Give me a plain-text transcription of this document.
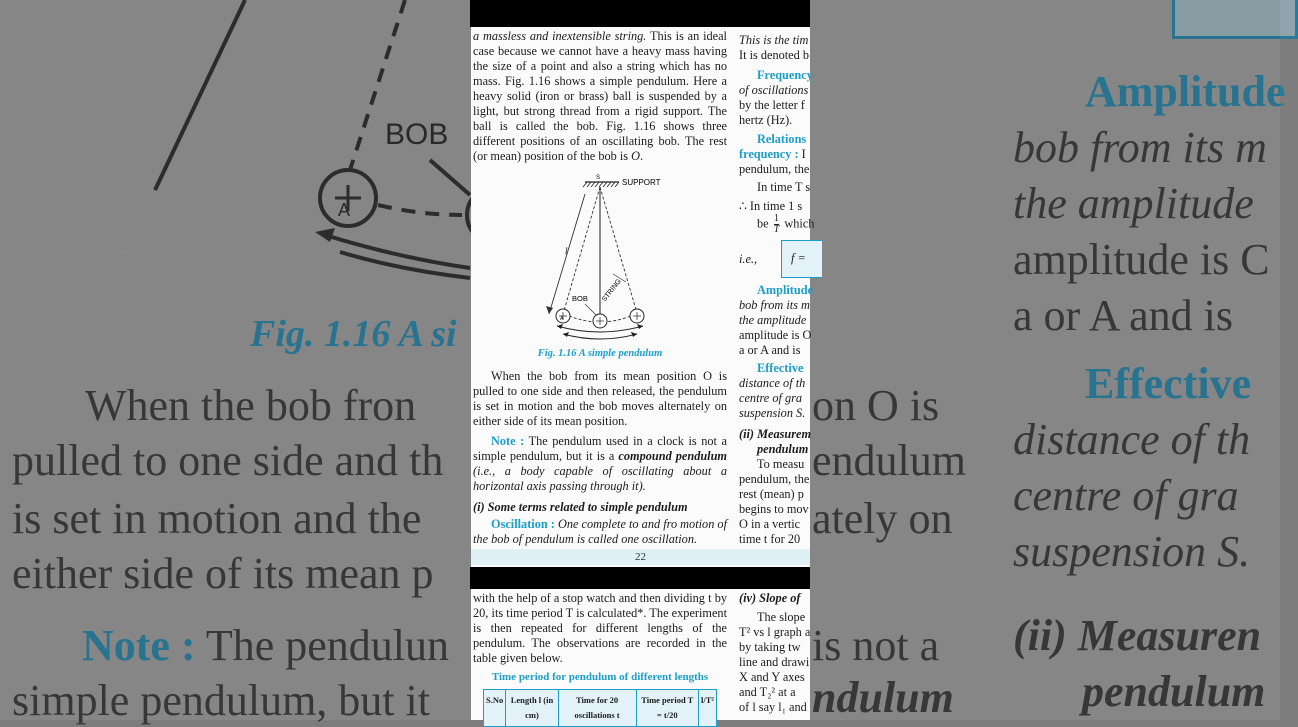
BOB
A
Fig. 1.16 A si
When the bob fron
pulled to one side and th
is set in motion and the
either side of its mean p
Note : The pendulun
simple pendulum, but it
on O is
endulum
ately on
is not a
ndulum
Amplitude
bob from its m
the amplitude
amplitude is C
a or A and is
Effective
distance of th
centre of gra
suspension S.
(ii) Measuren
pendulum

a massless and inextensible string. This is an ideal case because we cannot have a heavy mass having the size of a point and also a string which has no mass. Fig. 1.16 shows a simple pendulum. Here a heavy solid (iron or brass) ball is suspended by a light, but strong thread from a rigid support. The ball is called the bob. Fig. 1.16 shows three different positions of an oscillating bob. The rest (or mean) position of the bob is O.

S	SUPPORT
l
STRING
BOB
A
Fig. 1.16 A simple pendulum

When the bob from its mean position O is pulled to one side and then released, the pendulum is set in motion and the bob moves alternately on either side of its mean position.

Note : The pendulum used in a clock is not a simple pendulum, but it is a compound pendulum (i.e., a body capable of oscillating about a horizontal axis passing through it).

(i) Some terms related to simple pendulum

Oscillation : One complete to and fro motion of the bob of pendulum is called one oscillation.

This is the tim
It is denoted b
Frequency
of oscillations
by the letter f
hertz (Hz).
Relations
frequency : I
pendulum, the
In time T s
∴ In time 1 s
be $\frac{1}{T}$ which
i.e.,	f =
Amplitude
bob from its m
the amplitude
amplitude is O
a or A and is
Effective
distance of th
centre of gra
suspension S.
(ii) Measurem
pendulum
To measu
pendulum, the
rest (mean) p
begins to mov
O in a vertic
time t for 20
22

with the help of a stop watch and then dividing t by 20, its time period T is calculated*. The experiment is then repeated for different lengths of the pendulum. The observations are recorded in the table given below.

Time period for pendulum of different lengths
S.No	Length l (in cm)	Time for 20 oscillations t	Time period T = t/20	l/T²
(iv) Slope of
The slope
T² vs l graph a
by taking tw
line and drawi
X and Y axes
and T₂² at a
of l say l₁ and
